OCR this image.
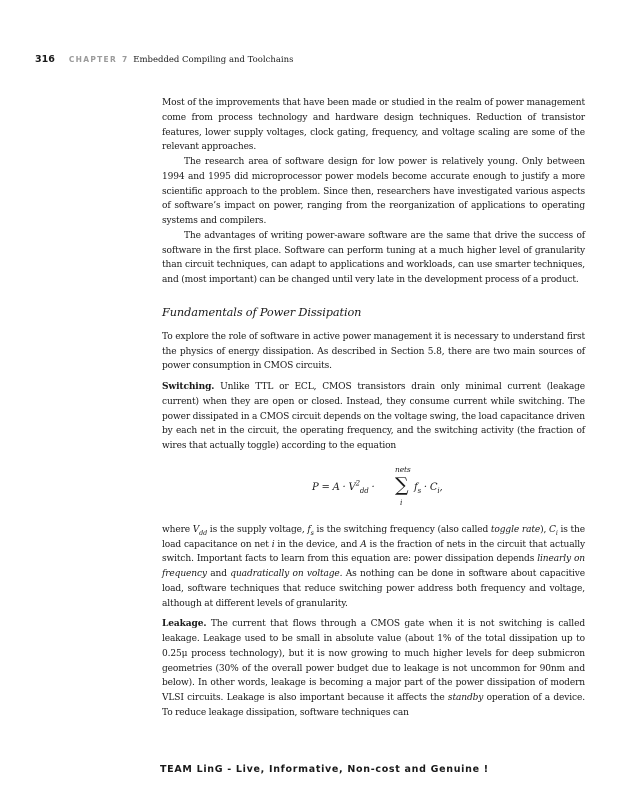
316 CHAPTER 7 Embedded Compiling and Toolchains

Most of the improvements that have been made or studied in the realm of power management come from process technology and hardware design techniques. Reduction of transistor features, lower supply voltages, clock gating, frequency, and voltage scaling are some of the relevant approaches.

The research area of software design for low power is relatively young. Only between 1994 and 1995 did microprocessor power models become accurate enough to justify a more scientific approach to the problem. Since then, researchers have investigated various aspects of software’s impact on power, ranging from the reorganization of applications to operating systems and compilers.

The advantages of writing power-aware software are the same that drive the success of software in the first place. Software can perform tuning at a much higher level of granularity than circuit techniques, can adapt to applications and workloads, can use smarter techniques, and (most important) can be changed until very late in the development process of a product.

Fundamentals of Power Dissipation

To explore the role of software in active power management it is necessary to understand first the physics of energy dissipation. As described in Section 5.8, there are two main sources of power consumption in CMOS circuits.

Switching. Unlike TTL or ECL, CMOS transistors drain only minimal current (leakage current) when they are open or closed. Instead, they consume current while switching. The power dissipated in a CMOS circuit depends on the voltage swing, the load capacitance driven by each net in the circuit, the operating frequency, and the switching activity (the fraction of wires that actually toggle) according to the equation

$P = A \cdot V^2_{dd}$ ·
nets
∑
i
$f_s \cdot C_i$,

where $V_{dd}$ is the supply voltage, $f_s$ is the switching frequency (also called toggle rate), $C_i$ is the load capacitance on net i in the device, and A is the fraction of nets in the circuit that actually switch. Important facts to learn from this equation are: power dissipation depends linearly on frequency and quadratically on voltage. As nothing can be done in software about capacitive load, software techniques that reduce switching power address both frequency and voltage, although at different levels of granularity.

Leakage. The current that flows through a CMOS gate when it is not switching is called leakage. Leakage used to be small in absolute value (about 1% of the total dissipation up to 0.25μ process technology), but it is now growing to much higher levels for deep submicron geometries (30% of the overall power budget due to leakage is not uncommon for 90nm and below). In other words, leakage is becoming a major part of the power dissipation of modern VLSI circuits. Leakage is also important because it affects the standby operation of a device. To reduce leakage dissipation, software techniques can

TEAM LinG - Live, Informative, Non-cost and Genuine !
